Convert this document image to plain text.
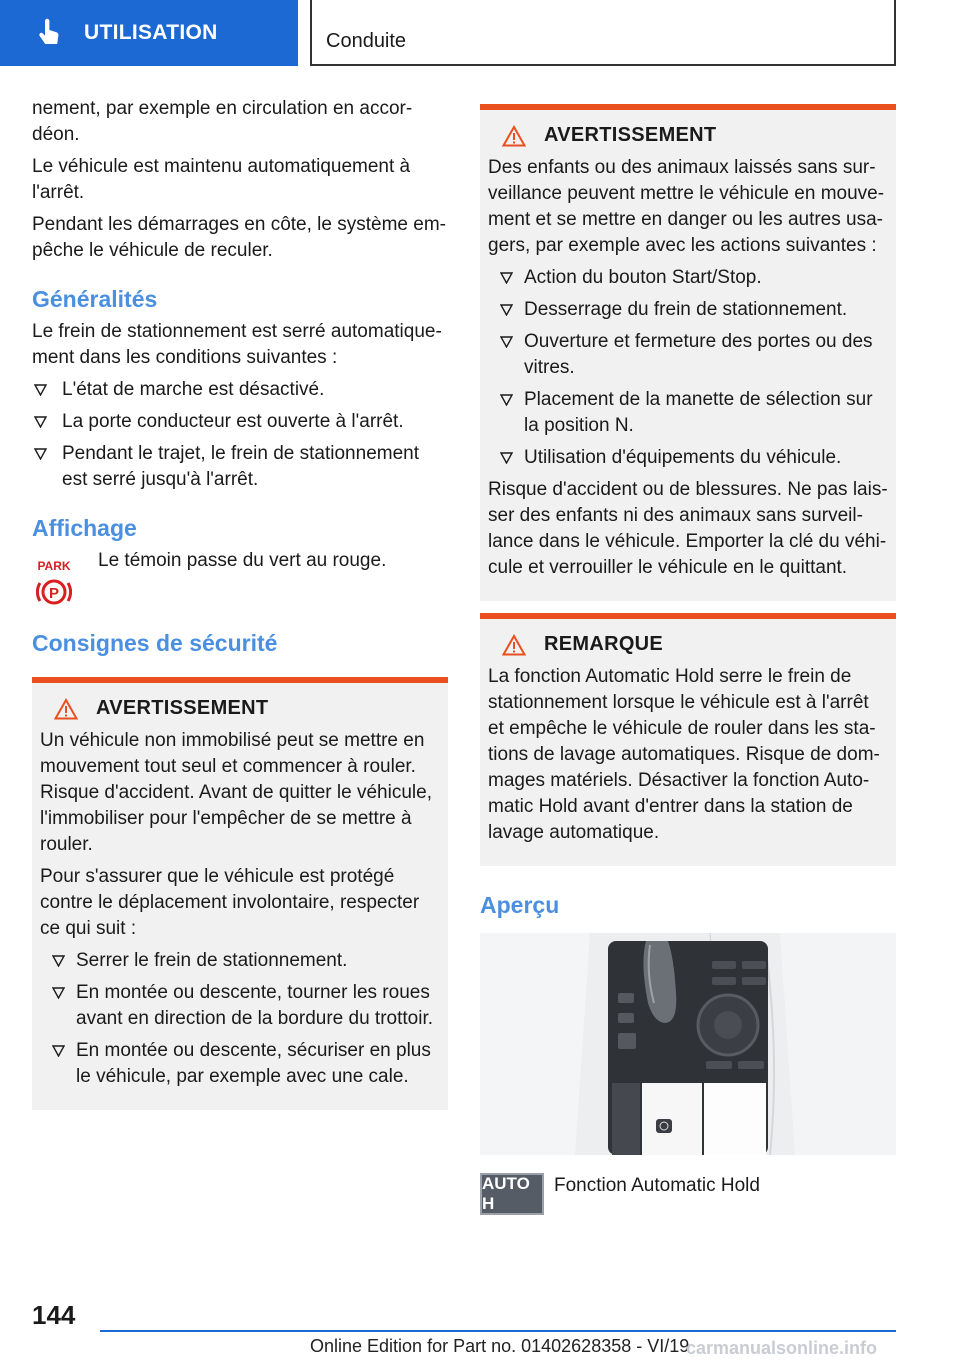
UTILISATION	Conduite

nement, par exemple en circulation en accordéon.

Le véhicule est maintenu automatiquement à l'arrêt.

Pendant les démarrages en côte, le système empêche le véhicule de reculer.

Généralités

Le frein de stationnement est serré automatiquement dans les conditions suivantes :

L'état de marche est désactivé.
La porte conducteur est ouverte à l'arrêt.
Pendant le trajet, le frein de stationnement est serré jusqu'à l'arrêt.
Affichage
PARK
P

Le témoin passe du vert au rouge.

Consignes de sécurité
AVERTISSEMENT

Un véhicule non immobilisé peut se mettre en mouvement tout seul et commencer à rouler. Risque d'accident. Avant de quitter le véhicule, l'immobiliser pour l'empêcher de se mettre à rouler.

Pour s'assurer que le véhicule est protégé contre le déplacement involontaire, respecter ce qui suit :

Serrer le frein de stationnement.
En montée ou descente, tourner les roues avant en direction de la bordure du trottoir.
En montée ou descente, sécuriser en plus le véhicule, par exemple avec une cale.
AVERTISSEMENT

Des enfants ou des animaux laissés sans surveillance peuvent mettre le véhicule en mouvement et se mettre en danger ou les autres usagers, par exemple avec les actions suivantes :

Action du bouton Start/Stop.
Desserrage du frein de stationnement.
Ouverture et fermeture des portes ou des vitres.
Placement de la manette de sélection sur la position N.
Utilisation d'équipements du véhicule.

Risque d'accident ou de blessures. Ne pas laisser des enfants ni des animaux sans surveillance dans le véhicule. Emporter la clé du véhicule et verrouiller le véhicule en le quittant.

REMARQUE

La fonction Automatic Hold serre le frein de stationnement lorsque le véhicule est à l'arrêt et empêche le véhicule de rouler dans les stations de lavage automatiques. Risque de dommages matériels. Désactiver la fonction Automatic Hold avant d'entrer dans la station de lavage automatique.

Aperçu
AUTO H

Fonction Automatic Hold

144
Online Edition for Part no. 01402628358 - VI/19
carmanualsonline.info
